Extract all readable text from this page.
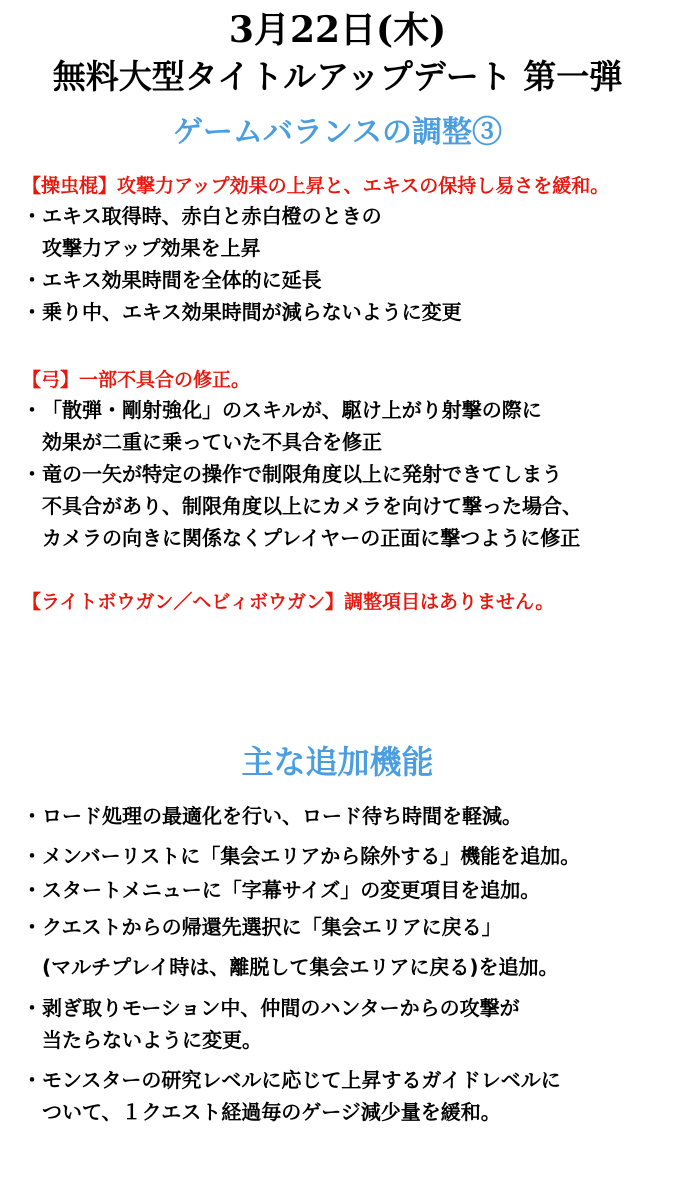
3月22日(木)
無料大型タイトルアップデート 第一弾
ゲームバランスの調整③
【操虫棍】攻撃力アップ効果の上昇と、エキスの保持し易さを緩和。
・エキス取得時、赤白と赤白橙のときの
攻撃力アップ効果を上昇
・エキス効果時間を全体的に延長
・乗り中、エキス効果時間が減らないように変更
【弓】一部不具合の修正。
・「散弾・剛射強化」のスキルが、駆け上がり射撃の際に
効果が二重に乗っていた不具合を修正
・竜の一矢が特定の操作で制限角度以上に発射できてしまう
不具合があり、制限角度以上にカメラを向けて撃った場合、
カメラの向きに関係なくプレイヤーの正面に撃つように修正
【ライトボウガン／ヘビィボウガン】調整項目はありません。
主な追加機能
・ロード処理の最適化を行い、ロード待ち時間を軽減。
・メンバーリストに「集会エリアから除外する」機能を追加。
・スタートメニューに「字幕サイズ」の変更項目を追加。
・クエストからの帰還先選択に「集会エリアに戻る」
(マルチプレイ時は、離脱して集会エリアに戻る)を追加。
・剥ぎ取りモーション中、仲間のハンターからの攻撃が
当たらないように変更。
・モンスターの研究レベルに応じて上昇するガイドレベルに
ついて、１クエスト経過毎のゲージ減少量を緩和。
